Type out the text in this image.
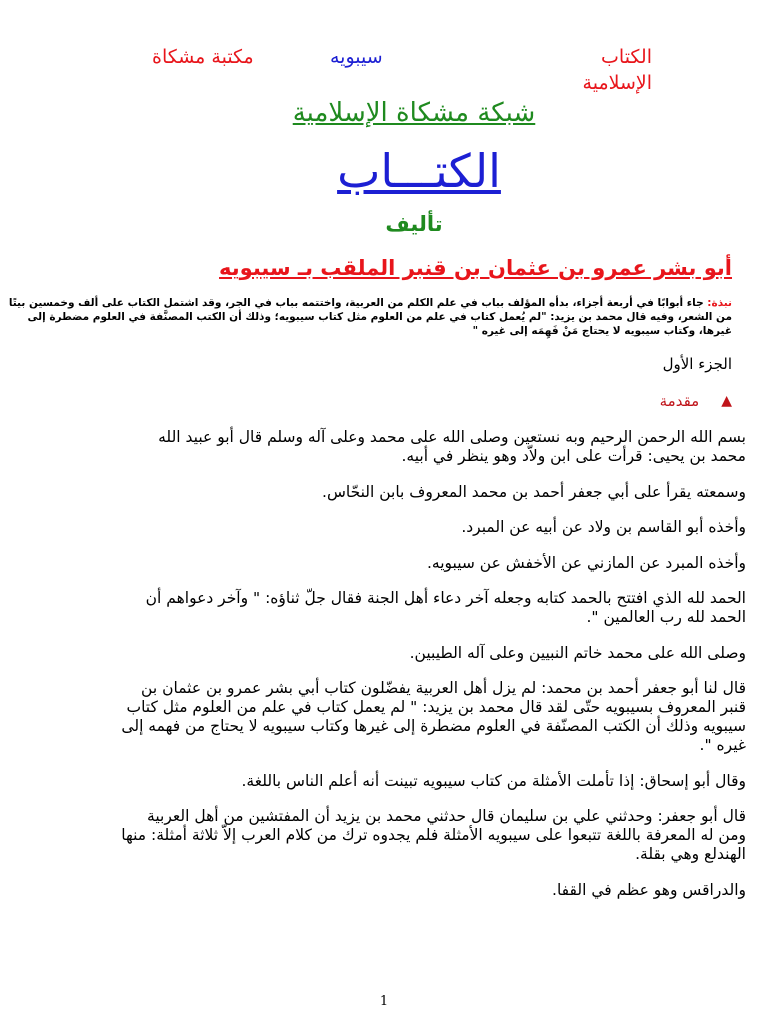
الكتاب الإسلامية
سيبويه
مكتبة مشكاة
شبكة مشكاة الإسلامية
الكتـــاب
تأليف
أبو بشر عمرو بن عثمان بن قنبر الملقب بـ سيبويه
نبذة: جاء أبوابًا في أربعة أجزاء، بدأه المؤلف بباب في علم الكلم من العربية، واختتمه بباب في الجر، وقد اشتمل الكتاب على ألف وخمسين بيتًا من الشعر، وفيه قال محمد بن يزيد: "لم يُعمل كتاب في علم من العلوم مثل كتاب سيبويه؛ وذلك أن الكتب المصنَّفة في العلوم مضطرة إلى غيرها، وكتاب سيبويه لا يحتاج مَنْ فَهِمَه إلى غيره "
الجزء الأول
▲
مقدمة

بسم الله الرحمن الرحيم وبه نستعين وصلى الله على محمد وعلى آله وسلم قال أبو عبيد الله محمد بن يحيى: قرأت على ابن ولاّد وهو ينظر في أبيه.

وسمعته يقرأ على أبي جعفر أحمد بن محمد المعروف بابن النحّاس.

وأخذه أبو القاسم بن ولاد عن أبيه عن المبرد.

وأخذه المبرد عن المازني عن الأخفش عن سيبويه.

الحمد لله الذي افتتح بالحمد كتابه وجعله آخر دعاء أهل الجنة فقال جلّ ثناؤه: " وآخر دعواهم أن الحمد لله رب العالمين ".

وصلى الله على محمد خاتم النبيين وعلى آله الطيبين.

قال لنا أبو جعفر أحمد بن محمد: لم يزل أهل العربية يفضّلون كتاب أبي بشر عمرو بن عثمان بن قنبر المعروف بسيبويه حتّى لقد قال محمد بن يزيد: " لم يعمل كتاب في علم من العلوم مثل كتاب سيبويه وذلك أن الكتب المصنّفة في العلوم مضطرة إلى غيرها وكتاب سيبويه لا يحتاج من فهمه إلى غيره ".

وقال أبو إسحاق: إذا تأملت الأمثلة من كتاب سيبويه تبينت أنه أعلم الناس باللغة.

قال أبو جعفر: وحدثني علي بن سليمان قال حدثني محمد بن يزيد أن المفتشين من أهل العربية ومن له المعرفة باللغة تتبعوا على سيبويه الأمثلة فلم يجدوه ترك من كلام العرب إلاّ ثلاثة أمثلة: منها الهندلع وهي بقلة.

والدراقس وهو عظم في القفا.

1
